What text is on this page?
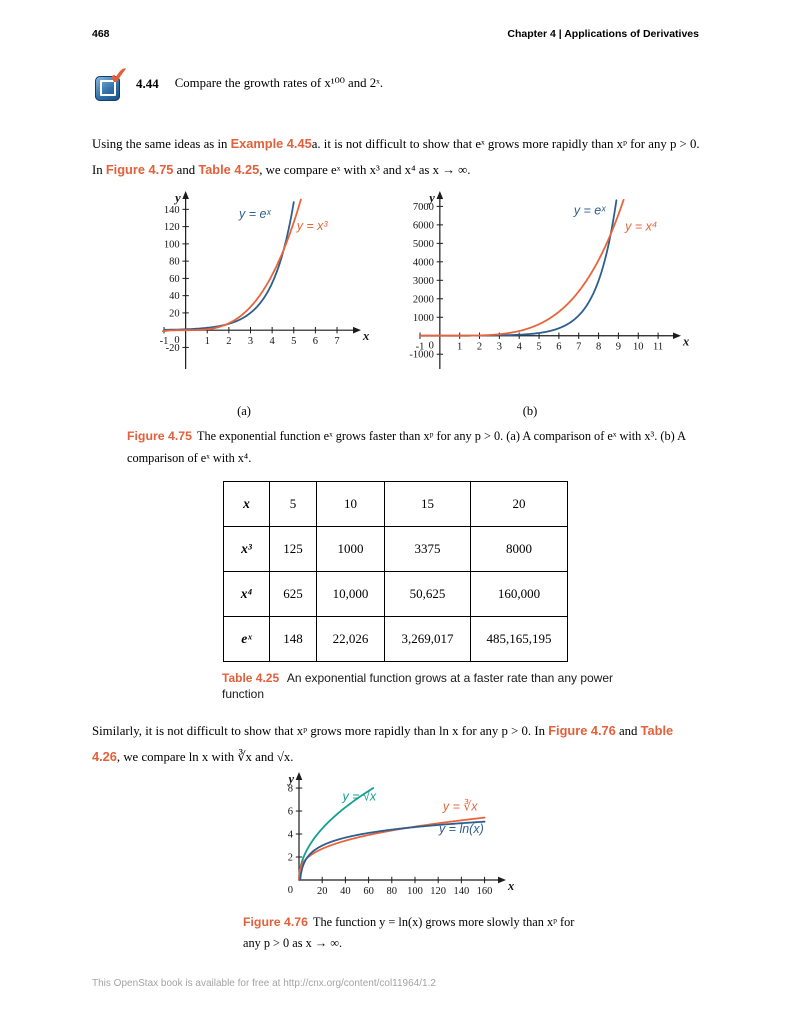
468	Chapter 4 | Applications of Derivatives
✔ 4.44 Compare the growth rates of x¹⁰⁰ and 2ˣ.

Using the same ideas as in Example 4.45a. it is not difficult to show that eˣ grows more rapidly than xᵖ for any p > 0. In Figure 4.75 and Table 4.25, we compare eˣ with x³ and x⁴ as x → ∞.

-1	1 2 3 4 5 6 7
-20
20
40
60
80
100
120
140
0	x
y
y = eˣ
y = x³
(a)
-1	1 2 3 4 5 6 7 8 9 10 11
-1000
1000
2000
3000
4000
5000
6000
7000
0	x
y
y = eˣ
y = x⁴
(b)

Figure 4.75 The exponential function eˣ grows faster than xᵖ for any p > 0. (a) A comparison of eˣ with x³. (b) A comparison of eˣ with x⁴.

x	5	10	15	20
x³	125	1000	3375	8000
x⁴	625	10,000	50,625	160,000
eˣ	148	22,026	3,269,017	485,165,195

Table 4.25 An exponential function grows at a faster rate than any power function

Similarly, it is not difficult to show that xᵖ grows more rapidly than ln x for any p > 0. In Figure 4.76 and Table 4.26, we compare ln x with ∛x and √x.

20 40 60 80 100 120 140 160
2
4
6
8
0	x
y
y = √x
y = ∛x
y = ln(x)

Figure 4.76 The function y = ln(x) grows more slowly than xᵖ for any p > 0 as x → ∞.

This OpenStax book is available for free at http://cnx.org/content/col11964/1.2
